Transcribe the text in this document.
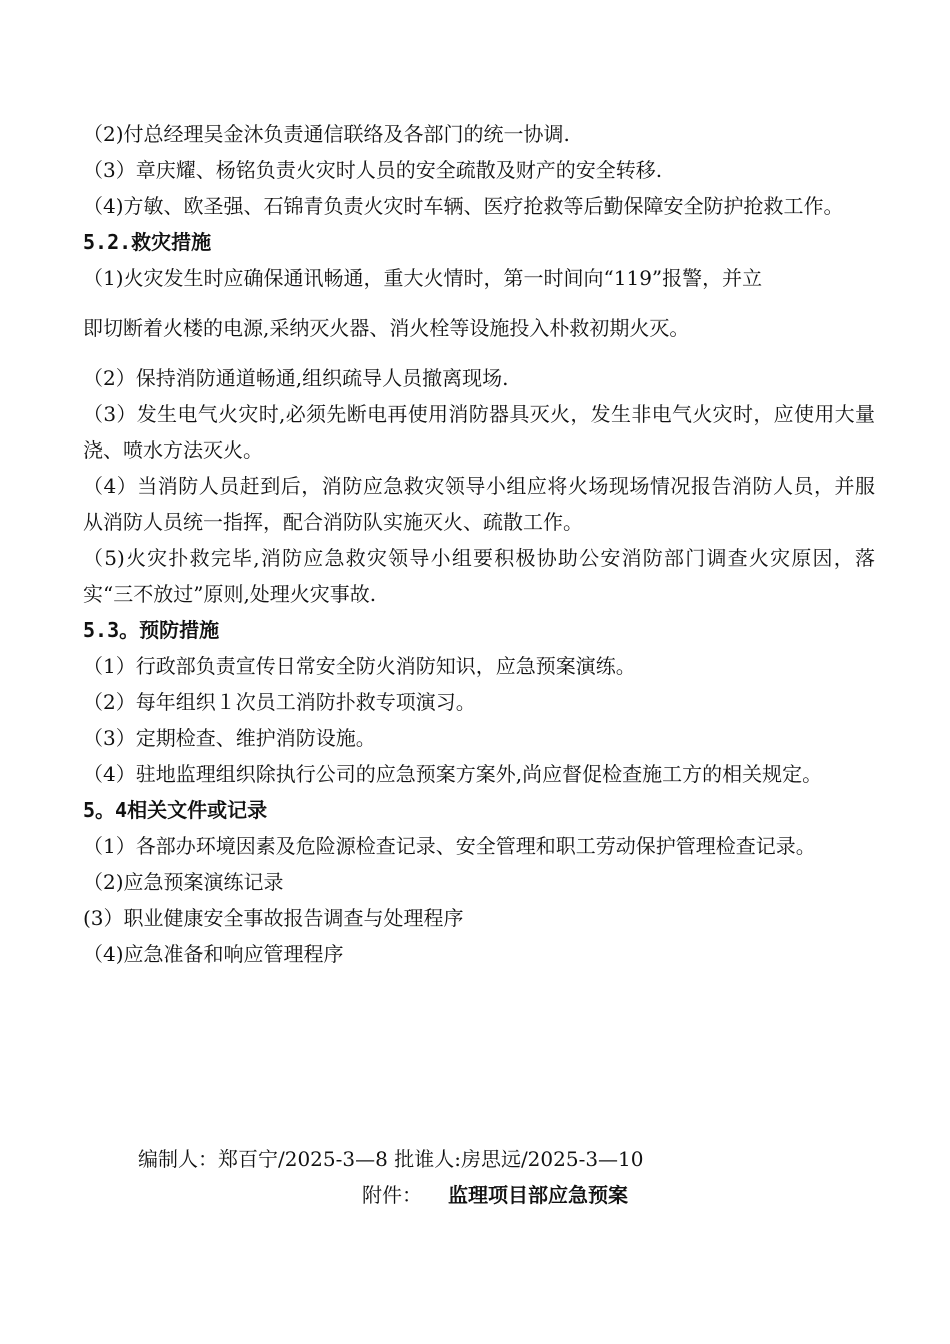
（2)付总经理吴金沐负责通信联络及各部门的统一协调.

（3）章庆耀、杨铭负责火灾时人员的安全疏散及财产的安全转移.

（4)方敏、欧圣强、石锦青负责火灾时车辆、医疗抢救等后勤保障安全防护抢救工作。

5.2.救灾措施

（1)火灾发生时应确保通讯畅通，重大火情时，第一时间向“119”报警，并立

即切断着火楼的电源,采纳灭火器、消火栓等设施投入朴救初期火灭。

（2）保持消防通道畅通,组织疏导人员撤离现场.

（3）发生电气火灾时,必须先断电再使用消防器具灭火，发生非电气火灾时，应使用大量浇、喷水方法灭火。

（4）当消防人员赶到后，消防应急救灾领导小组应将火场现场情况报告消防人员，并服从消防人员统一指挥，配合消防队实施灭火、疏散工作。

（5)火灾扑救完毕,消防应急救灾领导小组要积极协助公安消防部门调查火灾原因，落实“三不放过”原则,处理火灾事故.

5.3。预防措施

（1）行政部负责宣传日常安全防火消防知识，应急预案演练。

（2）每年组织１次员工消防扑救专项演习。

（3）定期检查、维护消防设施。

（4）驻地监理组织除执行公司的应急预案方案外,尚应督促检查施工方的相关规定。

5。4相关文件或记录

（1）各部办环境因素及危险源检查记录、安全管理和职工劳动保护管理检查记录。

（2)应急预案演练记录

(3）职业健康安全事故报告调查与处理程序

（4)应急准备和响应管理程序

编制人：郑百宁/2025-3—8 批谁人:房思远/2025-3—10
附件： 监理项目部应急预案
